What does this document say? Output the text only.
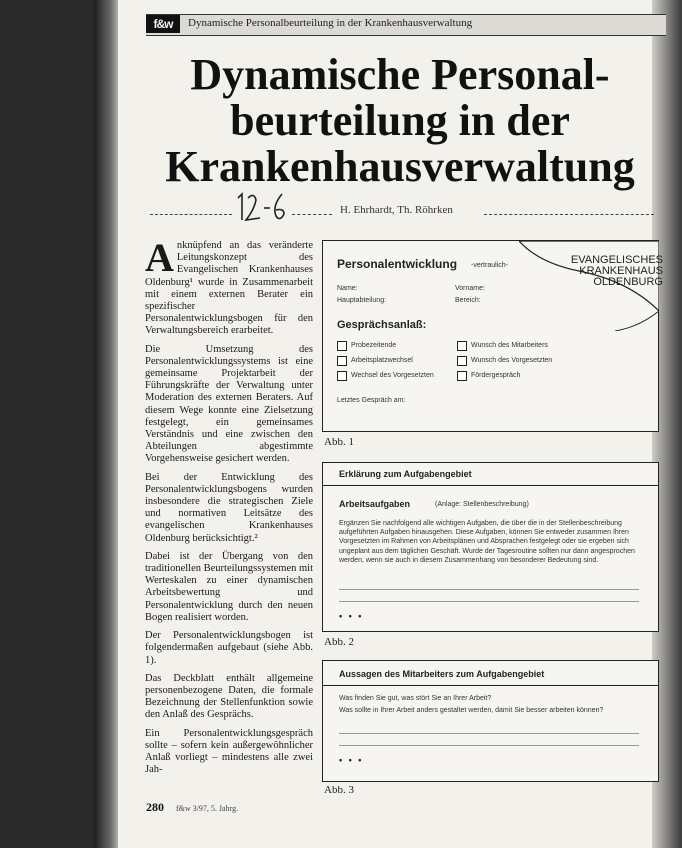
f&w	Dynamische Personalbeurteilung in der Krankenhausverwaltung
Dynamische Personal-
beurteilung in der
Krankenhausverwaltung
H. Ehrhardt, Th. Röhrken

Anknüpfend an das veränderte Leitungskonzept des Evangelischen Krankenhauses Oldenburg¹ wurde in Zusammenarbeit mit einem externen Berater ein spezifischer Personalentwicklungsbogen für den Verwaltungsbereich erarbeitet.

Die Umsetzung des Personalentwicklungssystems ist eine gemeinsame Projektarbeit der Führungskräfte der Verwaltung unter Moderation des externen Beraters. Auf diesem Wege konnte eine Zielsetzung festgelegt, ein gemeinsames Verständnis und eine zwischen den Abteilungen abgestimmte Vorgehensweise gesichert werden.

Bei der Entwicklung des Personalentwicklungsbogens wurden insbesondere die strategischen Ziele und normativen Leitsätze des evangelischen Krankenhauses Oldenburg berücksichtigt.²

Dabei ist der Übergang von den traditionellen Beurteilungssystemen mit Werteskalen zu einer dynamischen Arbeitsbewertung und Personalentwicklung durch den neuen Bogen realisiert worden.

Der Personalentwicklungsbogen ist folgendermaßen aufgebaut (siehe Abb. 1).

Das Deckblatt enthält allgemeine personenbezogene Daten, die formale Bezeichnung der Stellenfunktion sowie den Anlaß des Gesprächs.

Ein Personalentwicklungsgespräch sollte – sofern kein außergewöhnlicher Anlaß vorliegt – mindestens alle zwei Jah-

280 f&w 3/97, 5. Jahrg.
EVANGELISCHES
KRANKENHAUS
OLDENBURG
Personalentwicklung -vertraulich-
Name:	Vorname:
Hauptabteilung:	Bereich:
Gesprächsanlaß:
Probezeitende	Wunsch des Mitarbeiters
Arbeitsplatzwechsel	Wunsch des Vorgesetzten
Wechsel des Vorgesetzten	Fördergespräch
Letztes Gespräch am:
Abb. 1
Erklärung zum Aufgabengebiet
Arbeitsaufgaben	(Anlage: Stellenbeschreibung)
Ergänzen Sie nachfolgend alle wichtigen Aufgaben, die über die in der Stellenbeschreibung aufgeführten Aufgaben hinausgehen. Diese Aufgaben, können Sie entweder zusammen Ihren Vorgesetzten im Rahmen von Arbeitsplänen und Absprachen festgelegt oder sie ergeben sich ungeplant aus dem täglichen Geschäft. Wurde der Tagesroutine sollten nur dann angesprochen werden, wenn sie auch in diesem Zusammenhang von besonderer Bedeutung sind.
• • •
Abb. 2
Aussagen des Mitarbeiters zum Aufgabengebiet
Was finden Sie gut, was stört Sie an Ihrer Arbeit?
Was sollte in Ihrer Arbeit anders gestaltet werden, damit Sie besser arbeiten können?
• • •
Abb. 3
